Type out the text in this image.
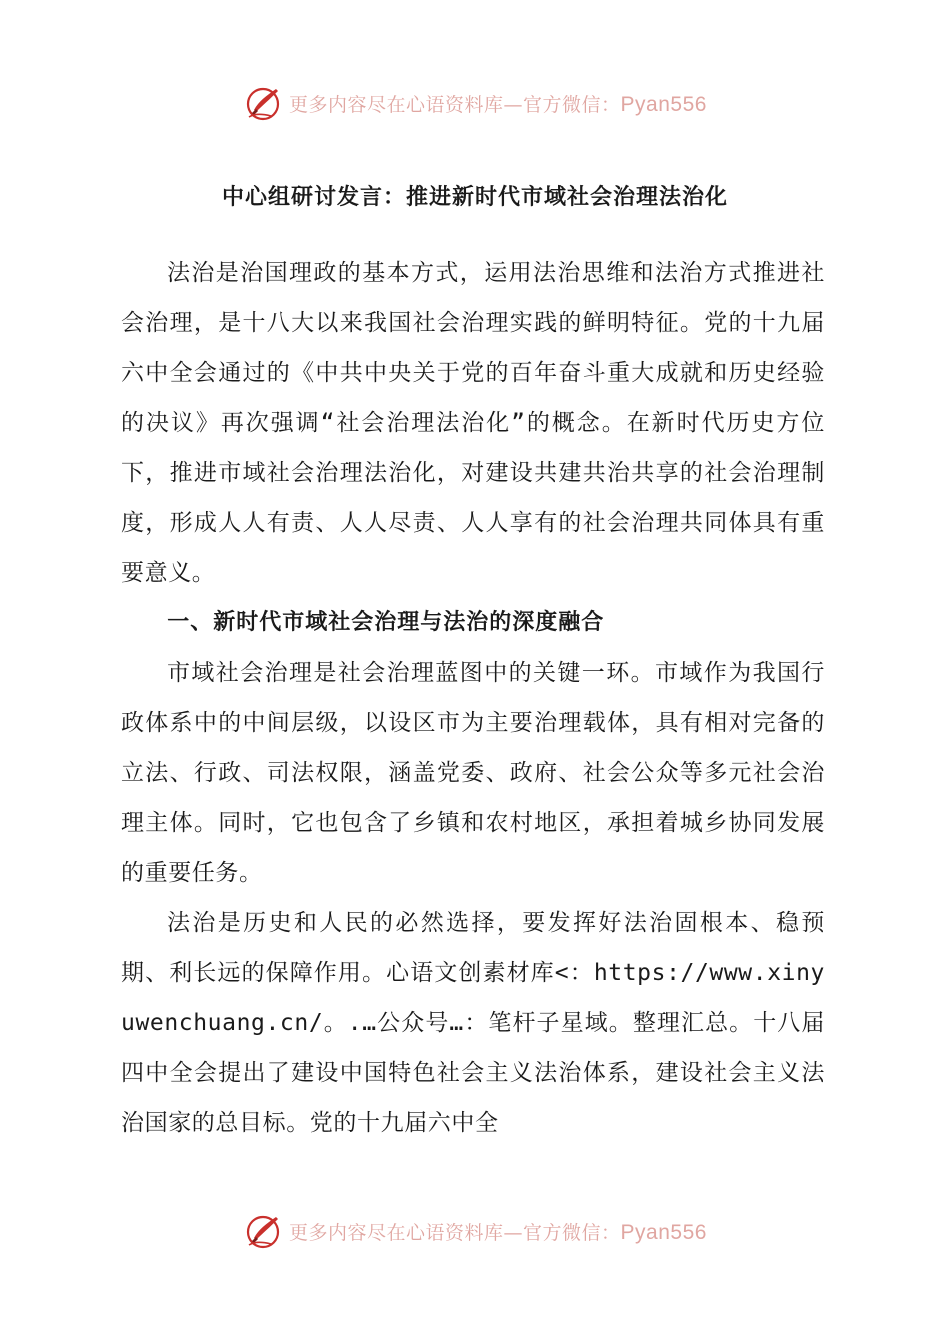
更多内容尽在心语资料库—官方微信：Pyan556
中心组研讨发言：推进新时代市域社会治理法治化

法治是治国理政的基本方式，运用法治思维和法治方式推进社会治理，是十八大以来我国社会治理实践的鲜明特征。党的十九届六中全会通过的《中共中央关于党的百年奋斗重大成就和历史经验的决议》再次强调“社会治理法治化”的概念。在新时代历史方位下，推进市域社会治理法治化，对建设共建共治共享的社会治理制度，形成人人有责、人人尽责、人人享有的社会治理共同体具有重要意义。

一、新时代市域社会治理与法治的深度融合

市域社会治理是社会治理蓝图中的关键一环。市域作为我国行政体系中的中间层级，以设区市为主要治理载体，具有相对完备的立法、行政、司法权限，涵盖党委、政府、社会公众等多元社会治理主体。同时，它也包含了乡镇和农村地区，承担着城乡协同发展的重要任务。

法治是历史和人民的必然选择，要发挥好法治固根本、稳预期、利长远的保障作用。心语文创素材库<：https://www.xinyuwenchuang.cn/。.…公众号…：笔杆子星域。整理汇总。十八届四中全会提出了建设中国特色社会主义法治体系，建设社会主义法治国家的总目标。党的十九届六中全

更多内容尽在心语资料库—官方微信：Pyan556
